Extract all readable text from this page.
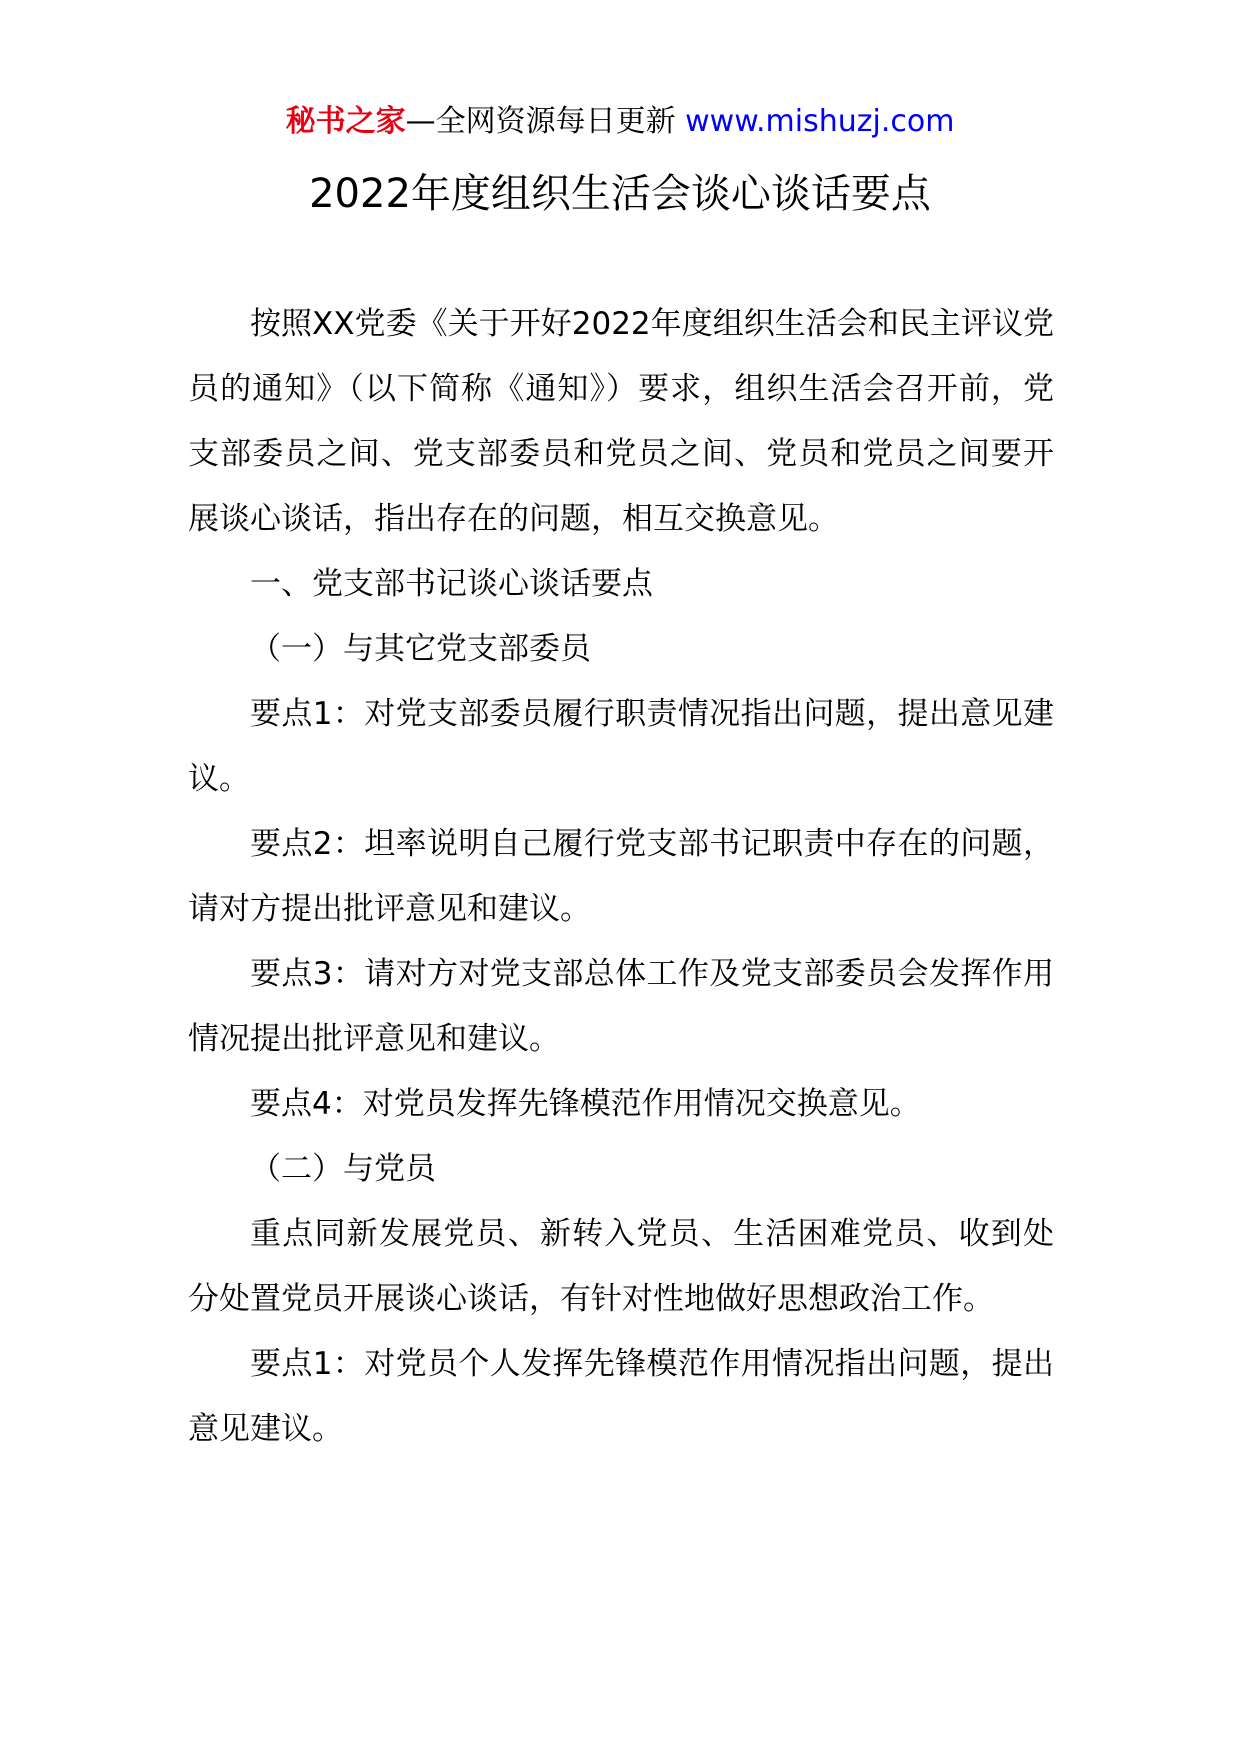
秘书之家—全网资源每日更新 www.mishuzj.com
2022年度组织生活会谈心谈话要点

按照XX党委《关于开好2022年度组织生活会和民主评议党员的通知》（以下简称《通知》）要求，组织生活会召开前，党支部委员之间、党支部委员和党员之间、党员和党员之间要开展谈心谈话，指出存在的问题，相互交换意见。

一、党支部书记谈心谈话要点

（一）与其它党支部委员

要点1：对党支部委员履行职责情况指出问题，提出意见建议。

要点2：坦率说明自己履行党支部书记职责中存在的问题，请对方提出批评意见和建议。

要点3：请对方对党支部总体工作及党支部委员会发挥作用情况提出批评意见和建议。

要点4：对党员发挥先锋模范作用情况交换意见。

（二）与党员

重点同新发展党员、新转入党员、生活困难党员、收到处分处置党员开展谈心谈话，有针对性地做好思想政治工作。

要点1：对党员个人发挥先锋模范作用情况指出问题，提出意见建议。
